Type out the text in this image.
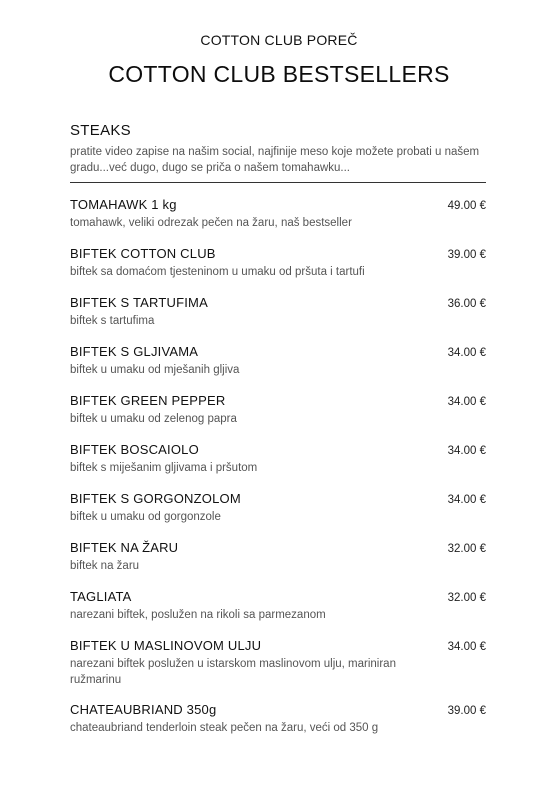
COTTON CLUB POREČ
COTTON CLUB BESTSELLERS
STEAKS
pratite video zapise na našim social, najfinije meso koje možete probati u našem gradu...već dugo, dugo se priča o našem tomahawku...
TOMAHAWK 1 kg	49.00 €
tomahawk, veliki odrezak pečen na žaru, naš bestseller
BIFTEK COTTON CLUB	39.00 €
biftek sa domaćom tjesteninom u umaku od pršuta i tartufi
BIFTEK S TARTUFIMA	36.00 €
biftek s tartufima
BIFTEK S GLJIVAMA	34.00 €
biftek u umaku od mješanih gljiva
BIFTEK GREEN PEPPER	34.00 €
biftek u umaku od zelenog papra
BIFTEK BOSCAIOLO	34.00 €
biftek s miješanim gljivama i pršutom
BIFTEK S GORGONZOLOM	34.00 €
biftek u umaku od gorgonzole
BIFTEK NA ŽARU	32.00 €
biftek na žaru
TAGLIATA	32.00 €
narezani biftek, poslužen na rikoli sa parmezanom
BIFTEK U MASLINOVOM ULJU	34.00 €
narezani biftek poslužen u istarskom maslinovom ulju, mariniran ružmarinu
CHATEAUBRIAND 350g	39.00 €
chateaubriand tenderloin steak pečen na žaru, veći od 350 g
